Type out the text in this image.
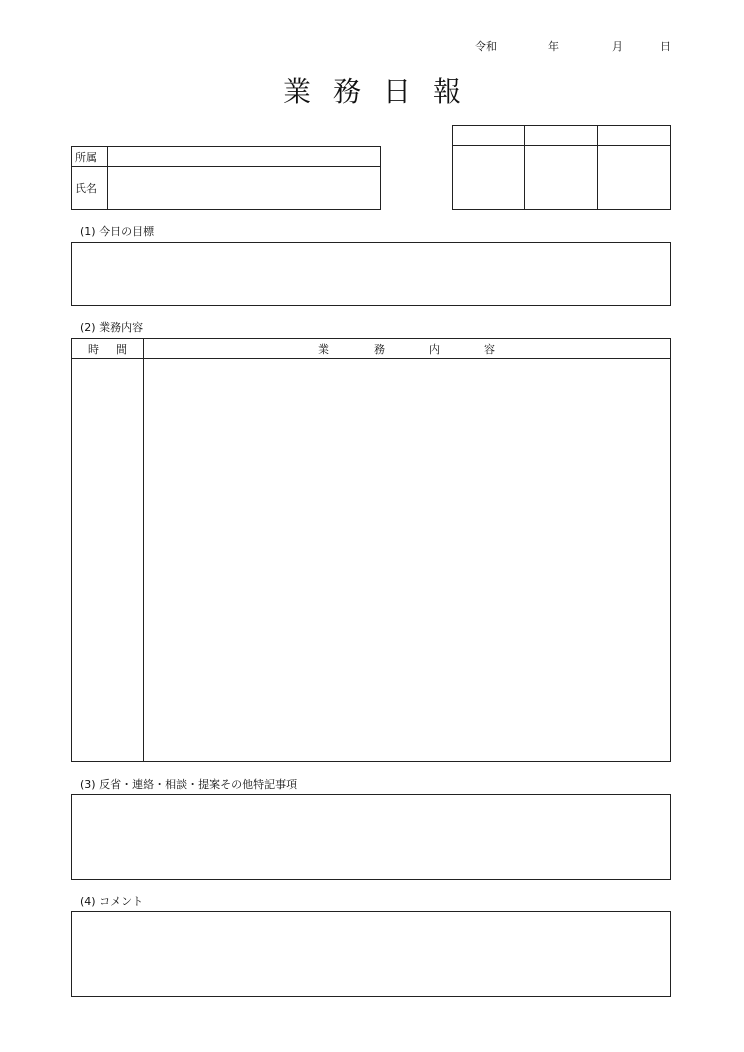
令和	年	月	日
業 務 日 報
所属
氏名
(1) 今日の目標
(2) 業務内容
時 間	業	務	内	容
(3) 反省・連絡・相談・提案その他特記事項
(4) コメント
